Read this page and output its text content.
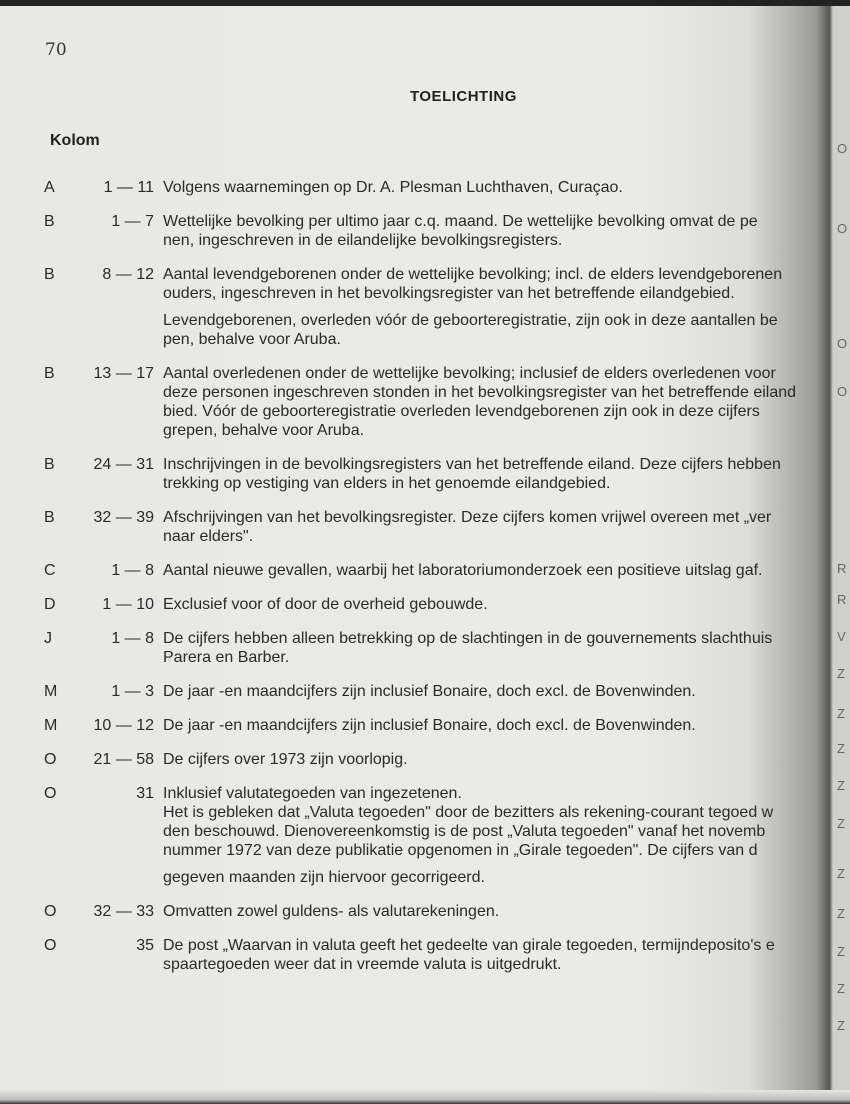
70
TOELICHTING
Kolom
A	1 — 11 Volgens waarnemingen op Dr. A. Plesman Luchthaven, Curaçao.
B	1 — 7 Wettelijke bevolking per ultimo jaar c.q. maand. De wettelijke bevolking omvat de pe
nen, ingeschreven in de eilandelijke bevolkingsregisters.
B	8 — 12 Aantal levendgeborenen onder de wettelijke bevolking; incl. de elders levendgeborenen
ouders, ingeschreven in het bevolkingsregister van het betreffende eilandgebied.
Levendgeborenen, overleden vóór de geboorteregistratie, zijn ook in deze aantallen be
pen, behalve voor Aruba.
B 13 — 17 Aantal overledenen onder de wettelijke bevolking; inclusief de elders overledenen voor
deze personen ingeschreven stonden in het bevolkingsregister van het betreffende eiland
bied. Vóór de geboorteregistratie overleden levendgeborenen zijn ook in deze cijfers
grepen, behalve voor Aruba.
B 24 — 31 Inschrijvingen in de bevolkingsregisters van het betreffende eiland. Deze cijfers hebben
trekking op vestiging van elders in het genoemde eilandgebied.
B 32 — 39 Afschrijvingen van het bevolkingsregister. Deze cijfers komen vrijwel overeen met „ver
naar elders".
C	1 — 8 Aantal nieuwe gevallen, waarbij het laboratoriumonderzoek een positieve uitslag gaf.
D	1 — 10 Exclusief voor of door de overheid gebouwde.
J	1 — 8 De cijfers hebben alleen betrekking op de slachtingen in de gouvernements slachthuis
Parera en Barber.
M	1 — 3 De jaar -en maandcijfers zijn inclusief Bonaire, doch excl. de Bovenwinden.
M 10 — 12 De jaar -en maandcijfers zijn inclusief Bonaire, doch excl. de Bovenwinden.
O 21 — 58 De cijfers over 1973 zijn voorlopig.
O	31 Inklusief valutategoeden van ingezetenen.
Het is gebleken dat „Valuta tegoeden" door de bezitters als rekening-courant tegoed w
den beschouwd. Dienovereenkomstig is de post „Valuta tegoeden" vanaf het novemb
nummer 1972 van deze publikatie opgenomen in „Girale tegoeden". De cijfers van d
gegeven maanden zijn hiervoor gecorrigeerd.
O 32 — 33 Omvatten zowel guldens- als valutarekeningen.
O	35 De post „Waarvan in valuta geeft het gedeelte van girale tegoeden, termijndeposito's e
spaartegoeden weer dat in vreemde valuta is uitgedrukt.
O
O
O
O
R
R
V
Z
Z
Z
Z
Z
Z
Z
Z
Z
Z
